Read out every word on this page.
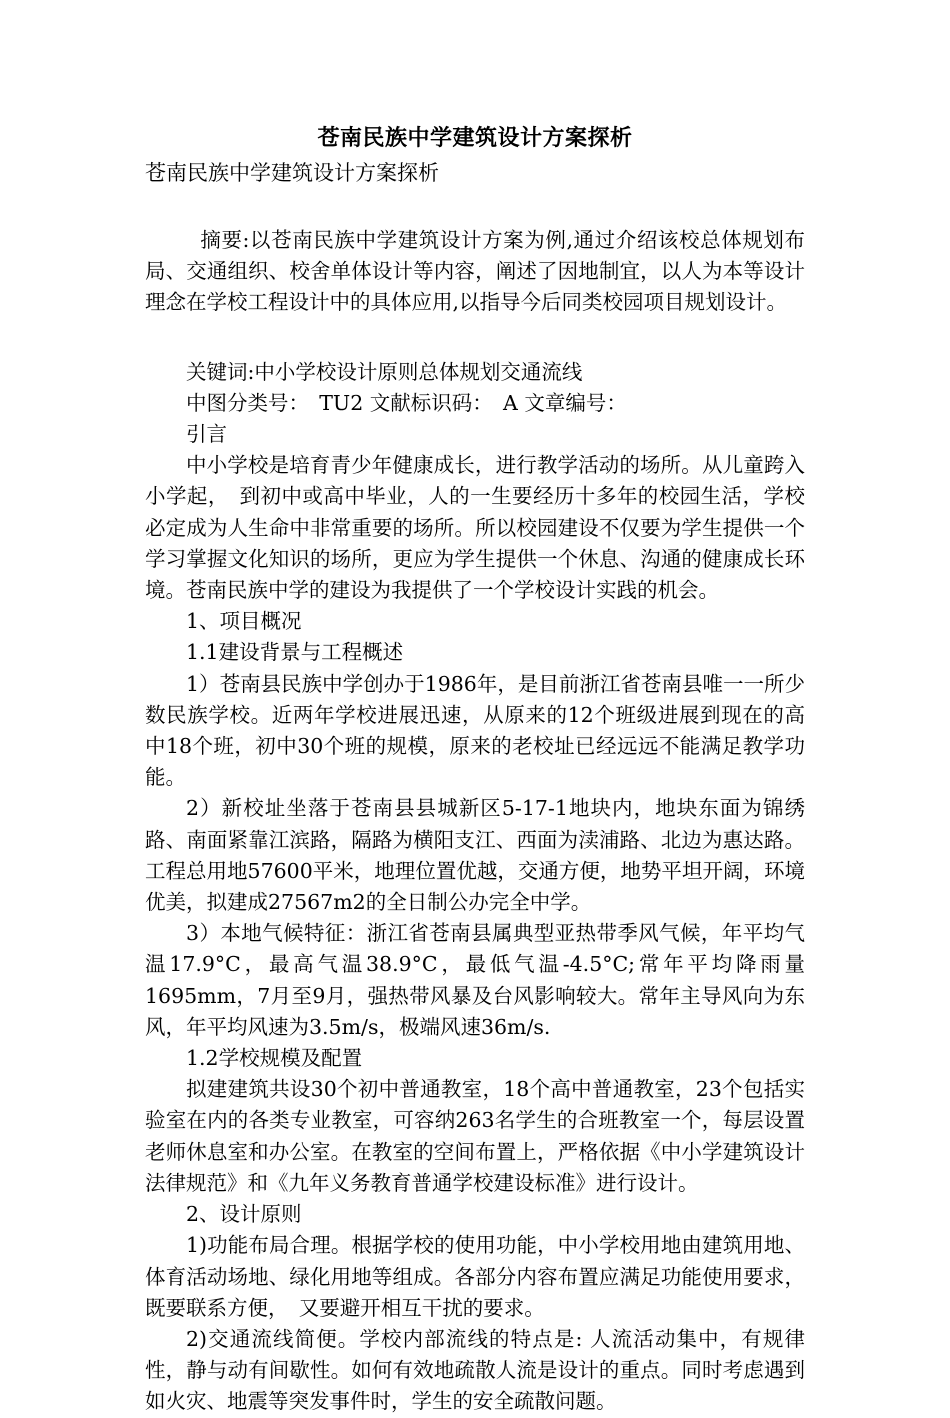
苍南民族中学建筑设计方案探析

苍南民族中学建筑设计方案探析

摘要:以苍南民族中学建筑设计方案为例,通过介绍该校总体规划布局、交通组织、校舍单体设计等内容，阐述了因地制宜，以人为本等设计理念在学校工程设计中的具体应用,以指导今后同类校园项目规划设计。

关键词:中小学校设计原则总体规划交通流线

中图分类号：　TU2 文献标识码：　A 文章编号：

引言

中小学校是培育青少年健康成长，进行教学活动的场所。从儿童跨入小学起，　到初中或高中毕业，人的一生要经历十多年的校园生活，学校必定成为人生命中非常重要的场所。所以校园建设不仅要为学生提供一个学习掌握文化知识的场所，更应为学生提供一个休息、沟通的健康成长环境。苍南民族中学的建设为我提供了一个学校设计实践的机会。

1、项目概况

1.1建设背景与工程概述

1）苍南县民族中学创办于1986年，是目前浙江省苍南县唯一一所少数民族学校。近两年学校进展迅速，从原来的12个班级进展到现在的高中18个班，初中30个班的规模，原来的老校址已经远远不能满足教学功能。

2）新校址坐落于苍南县县城新区5-17-1地块内，地块东面为锦绣路、南面紧靠江滨路，隔路为横阳支江、西面为渎浦路、北边为惠达路。工程总用地57600平米，地理位置优越，交通方便，地势平坦开阔，环境优美，拟建成27567m2的全日制公办完全中学。

3）本地气候特征：浙江省苍南县属典型亚热带季风气候，年平均气温17.9°C，最高气温38.9°C，最低气温-4.5°C;常年平均降雨量1695mm，7月至9月，强热带风暴及台风影响较大。常年主导风向为东风，年平均风速为3.5m/s，极端风速36m/s.

1.2学校规模及配置

拟建建筑共设30个初中普通教室，18个高中普通教室，23个包括实验室在内的各类专业教室，可容纳263名学生的合班教室一个，每层设置老师休息室和办公室。在教室的空间布置上，严格依据《中小学建筑设计法律规范》和《九年义务教育普通学校建设标准》进行设计。

2、设计原则

1)功能布局合理。根据学校的使用功能，中小学校用地由建筑用地、体育活动场地、绿化用地等组成。各部分内容布置应满足功能使用要求，既要联系方便，　又要避开相互干扰的要求。

2)交通流线简便。学校内部流线的特点是: 人流活动集中，有规律性，静与动有间歇性。如何有效地疏散人流是设计的重点。同时考虑遇到如火灾、地震等突发事件时，学生的安全疏散问题。
